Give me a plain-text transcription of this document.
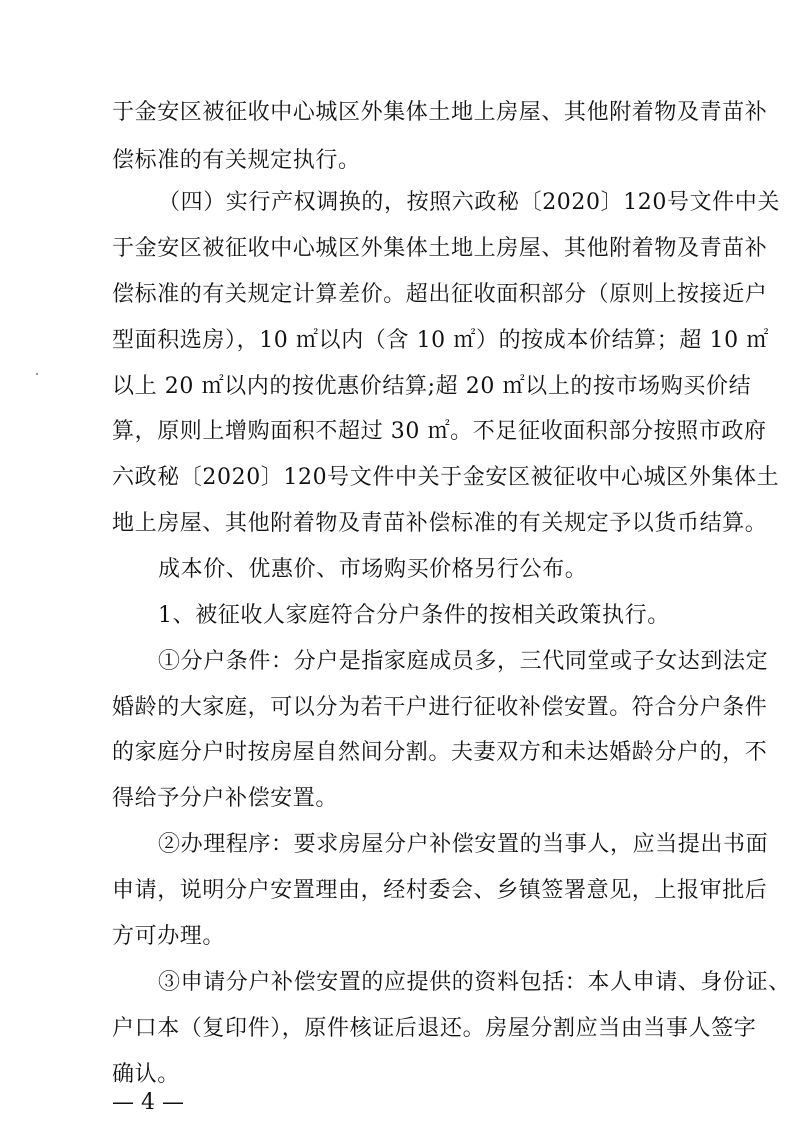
于金安区被征收中心城区外集体土地上房屋、其他附着物及青苗补
偿标准的有关规定执行。
（四）实行产权调换的，按照六政秘〔2020〕120号文件中关
于金安区被征收中心城区外集体土地上房屋、其他附着物及青苗补
偿标准的有关规定计算差价。超出征收面积部分（原则上按接近户
型面积选房），10 ㎡以内（含 10 ㎡）的按成本价结算；超 10 ㎡
以上 20 ㎡以内的按优惠价结算;超 20 ㎡以上的按市场购买价结
算，原则上增购面积不超过 30 ㎡。不足征收面积部分按照市政府
六政秘〔2020〕120号文件中关于金安区被征收中心城区外集体土
地上房屋、其他附着物及青苗补偿标准的有关规定予以货币结算。
成本价、优惠价、市场购买价格另行公布。
1、被征收人家庭符合分户条件的按相关政策执行。
①分户条件：分户是指家庭成员多，三代同堂或子女达到法定
婚龄的大家庭，可以分为若干户进行征收补偿安置。符合分户条件
的家庭分户时按房屋自然间分割。夫妻双方和未达婚龄分户的，不
得给予分户补偿安置。
②办理程序：要求房屋分户补偿安置的当事人，应当提出书面
申请，说明分户安置理由，经村委会、乡镇签署意见，上报审批后
方可办理。
③申请分户补偿安置的应提供的资料包括：本人申请、身份证、
户口本（复印件），原件核证后退还。房屋分割应当由当事人签字
确认。
— 4 —
